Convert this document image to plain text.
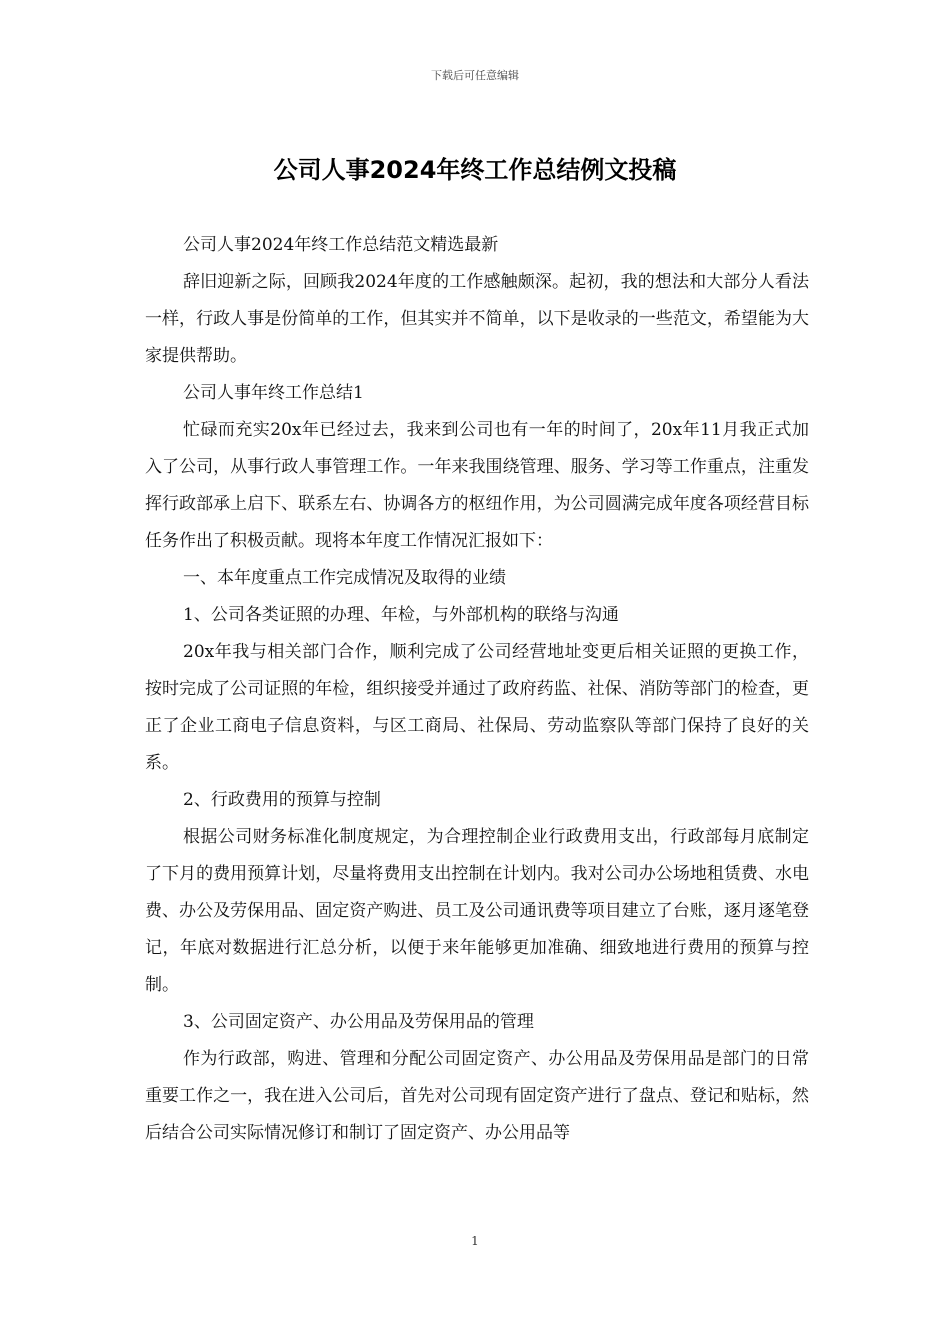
下载后可任意编辑
公司人事2024年终工作总结例文投稿

公司人事2024年终工作总结范文精选最新

辞旧迎新之际，回顾我2024年度的工作感触颇深。起初，我的想法和大部分人看法一样，行政人事是份简单的工作，但其实并不简单，以下是收录的一些范文，希望能为大家提供帮助。

公司人事年终工作总结1

忙碌而充实20x年已经过去，我来到公司也有一年的时间了，20x年11月我正式加入了公司，从事行政人事管理工作。一年来我围绕管理、服务、学习等工作重点，注重发挥行政部承上启下、联系左右、协调各方的枢纽作用，为公司圆满完成年度各项经营目标任务作出了积极贡献。现将本年度工作情况汇报如下：

一、本年度重点工作完成情况及取得的业绩

1、公司各类证照的办理、年检，与外部机构的联络与沟通

20x年我与相关部门合作，顺利完成了公司经营地址变更后相关证照的更换工作，按时完成了公司证照的年检，组织接受并通过了政府药监、社保、消防等部门的检查，更正了企业工商电子信息资料，与区工商局、社保局、劳动监察队等部门保持了良好的关系。

2、行政费用的预算与控制

根据公司财务标准化制度规定，为合理控制企业行政费用支出，行政部每月底制定了下月的费用预算计划，尽量将费用支出控制在计划内。我对公司办公场地租赁费、水电费、办公及劳保用品、固定资产购进、员工及公司通讯费等项目建立了台账，逐月逐笔登记，年底对数据进行汇总分析，以便于来年能够更加准确、细致地进行费用的预算与控制。

3、公司固定资产、办公用品及劳保用品的管理

作为行政部，购进、管理和分配公司固定资产、办公用品及劳保用品是部门的日常重要工作之一，我在进入公司后，首先对公司现有固定资产进行了盘点、登记和贴标，然后结合公司实际情况修订和制订了固定资产、办公用品等

1
